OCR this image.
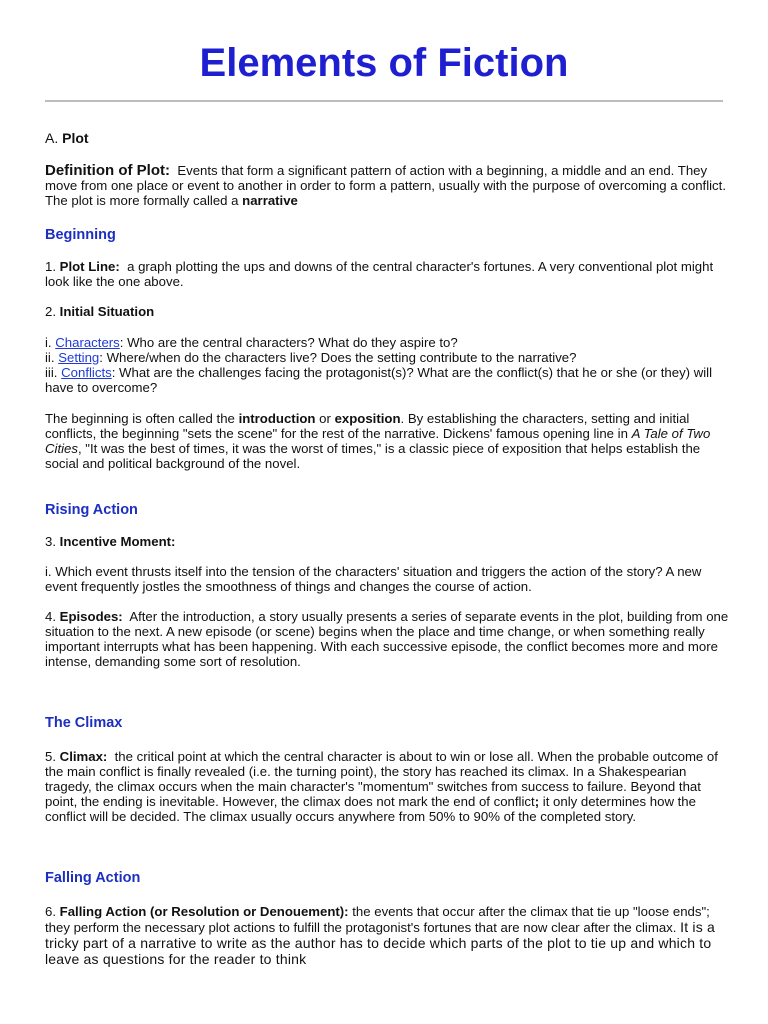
Elements of Fiction
A. Plot
Definition of Plot: Events that form a significant pattern of action with a beginning, a middle and an end. They move from one place or event to another in order to form a pattern, usually with the purpose of overcoming a conflict. The plot is more formally called a narrative
Beginning
1. Plot Line: a graph plotting the ups and downs of the central character's fortunes. A very conventional plot might look like the one above.
2. Initial Situation
i. Characters: Who are the central characters? What do they aspire to?
ii. Setting: Where/when do the characters live? Does the setting contribute to the narrative?
iii. Conflicts: What are the challenges facing the protagonist(s)? What are the conflict(s) that he or she (or they) will have to overcome?
The beginning is often called the introduction or exposition. By establishing the characters, setting and initial conflicts, the beginning "sets the scene" for the rest of the narrative. Dickens' famous opening line in A Tale of Two Cities, "It was the best of times, it was the worst of times," is a classic piece of exposition that helps establish the social and political background of the novel.
Rising Action
3. Incentive Moment:
i. Which event thrusts itself into the tension of the characters' situation and triggers the action of the story? A new event frequently jostles the smoothness of things and changes the course of action.
4. Episodes: After the introduction, a story usually presents a series of separate events in the plot, building from one situation to the next. A new episode (or scene) begins when the place and time change, or when something really important interrupts what has been happening. With each successive episode, the conflict becomes more and more intense, demanding some sort of resolution.
The Climax
5. Climax: the critical point at which the central character is about to win or lose all. When the probable outcome of the main conflict is finally revealed (i.e. the turning point), the story has reached its climax. In a Shakespearian tragedy, the climax occurs when the main character's "momentum" switches from success to failure. Beyond that point, the ending is inevitable. However, the climax does not mark the end of conflict; it only determines how the conflict will be decided. The climax usually occurs anywhere from 50% to 90% of the completed story.
Falling Action
6. Falling Action (or Resolution or Denouement): the events that occur after the climax that tie up "loose ends"; they perform the necessary plot actions to fulfill the protagonist's fortunes that are now clear after the climax. It is a tricky part of a narrative to write as the author has to decide which parts of the plot to tie up and which to leave as questions for the reader to think
